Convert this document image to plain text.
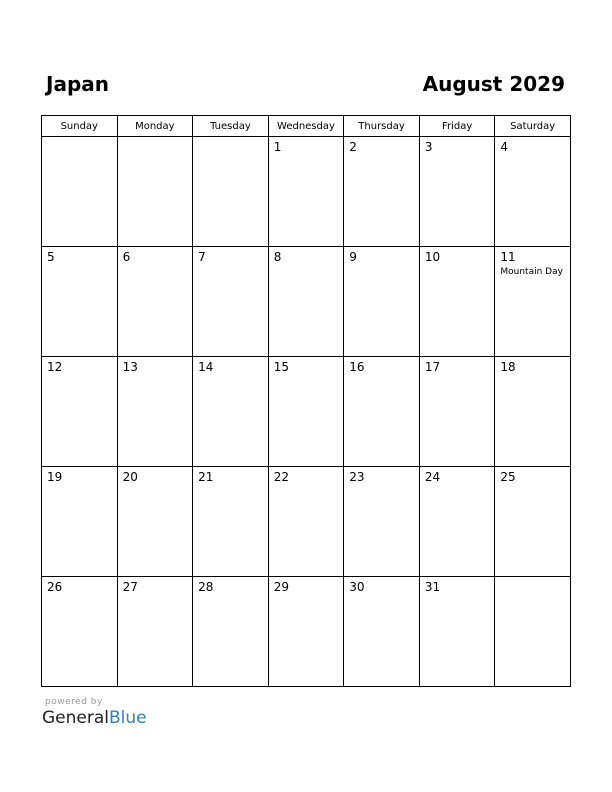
Japan	August 2029
Sunday	Monday	Tuesday	Wednesday	Thursday	Friday	Saturday

			1	2	3	4

5	6	7	8	9	10	11
Mountain Day

12	13	14	15	16	17	18

19	20	21	22	23	24	25

26	27	28	29	30	31	

powered by
GeneralBlue
